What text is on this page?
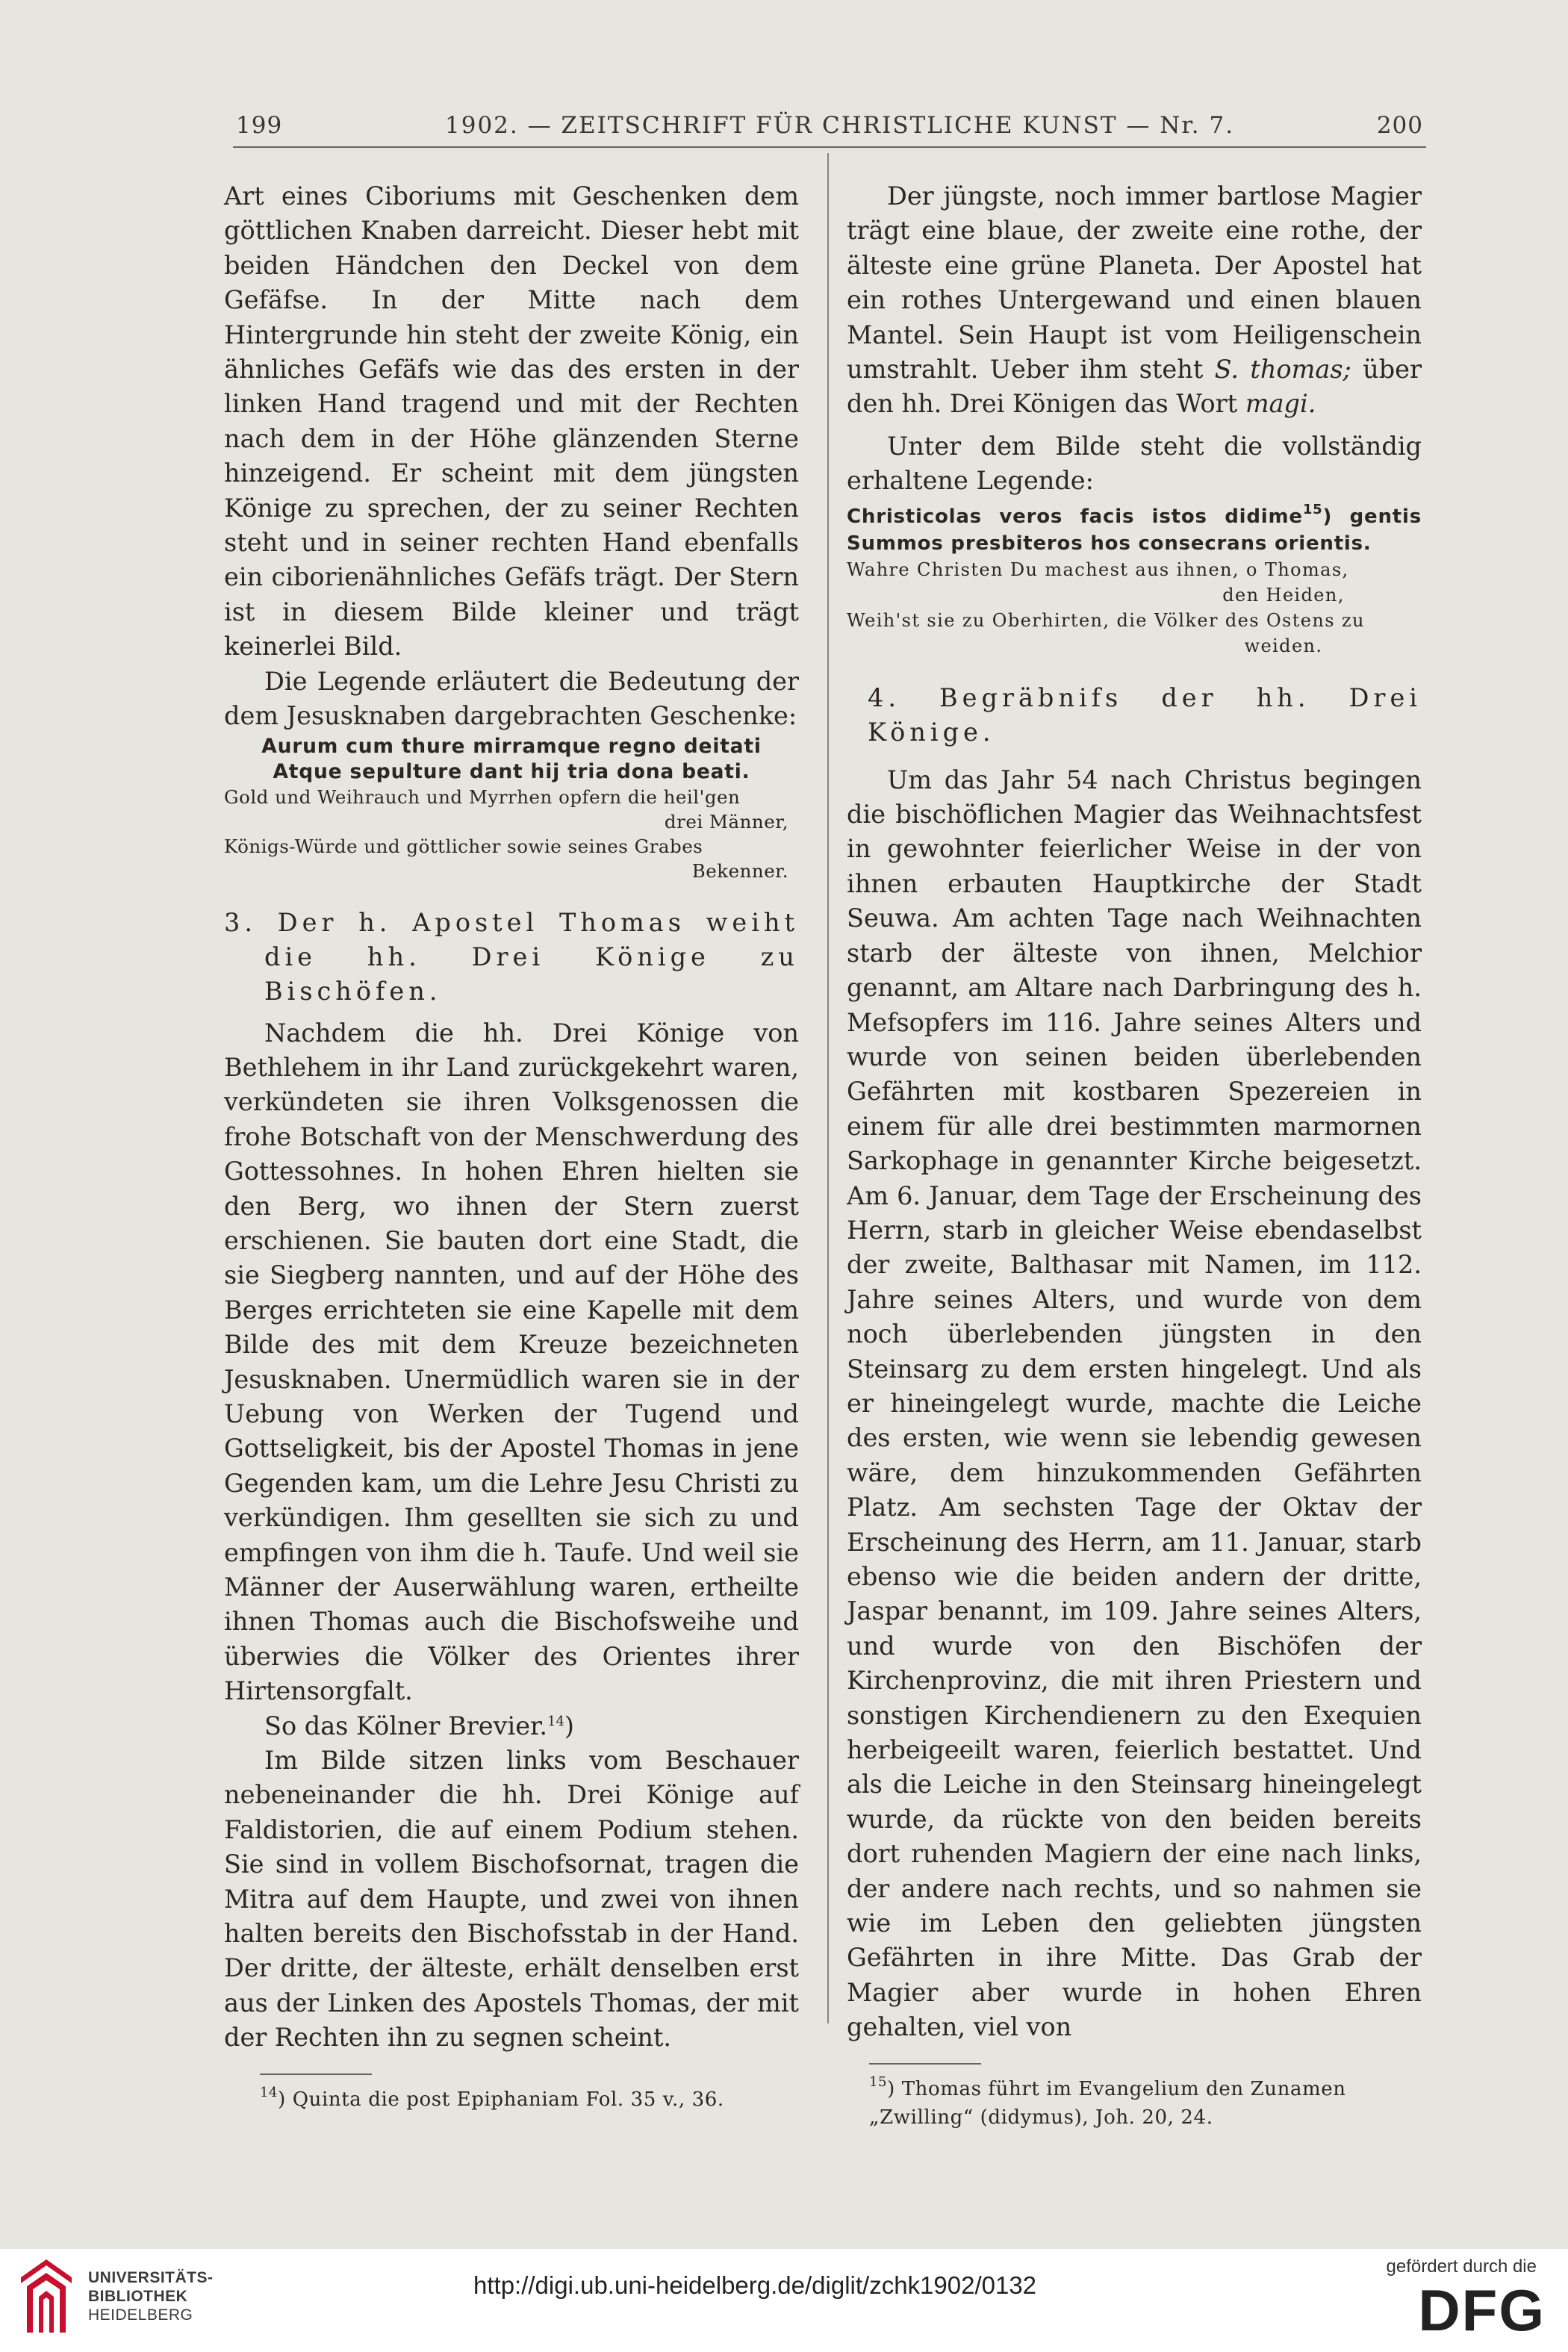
199	1902. — ZEITSCHRIFT FÜR CHRISTLICHE KUNST — Nr. 7.	200

Art eines Ciboriums mit Geschenken dem göttlichen Knaben darreicht. Dieser hebt mit beiden Händchen den Deckel von dem Gefäfse. In der Mitte nach dem Hintergrunde hin steht der zweite König, ein ähnliches Gefäfs wie das des ersten in der linken Hand tragend und mit der Rechten nach dem in der Höhe glänzenden Sterne hinzeigend. Er scheint mit dem jüngsten Könige zu sprechen, der zu seiner Rechten steht und in seiner rechten Hand ebenfalls ein ciborienähnliches Gefäfs trägt. Der Stern ist in diesem Bilde kleiner und trägt keinerlei Bild.

Die Legende erläutert die Bedeutung der dem Jesusknaben dargebrachten Geschenke:

Aurum cum thure mirramque regno deitati
Atque sepulture dant hij tria dona beati.
Gold und Weihrauch und Myrrhen opfern die heil'gen
drei Männer,
Königs-Würde und göttlicher sowie seines Grabes
Bekenner.

3. Der h. Apostel Thomas weiht die hh. Drei Könige zu Bischöfen.

Nachdem die hh. Drei Könige von Bethlehem in ihr Land zurückgekehrt waren, verkündeten sie ihren Volksgenossen die frohe Botschaft von der Menschwerdung des Gottessohnes. In hohen Ehren hielten sie den Berg, wo ihnen der Stern zuerst erschienen. Sie bauten dort eine Stadt, die sie Siegberg nannten, und auf der Höhe des Berges errichteten sie eine Kapelle mit dem Bilde des mit dem Kreuze bezeichneten Jesusknaben. Unermüdlich waren sie in der Uebung von Werken der Tugend und Gottseligkeit, bis der Apostel Thomas in jene Gegenden kam, um die Lehre Jesu Christi zu verkündigen. Ihm gesellten sie sich zu und empfingen von ihm die h. Taufe. Und weil sie Männer der Auserwählung waren, ertheilte ihnen Thomas auch die Bischofsweihe und überwies die Völker des Orientes ihrer Hirtensorgfalt.

So das Kölner Brevier.$^{14}$)

Im Bilde sitzen links vom Beschauer nebeneinander die hh. Drei Könige auf Faldistorien, die auf einem Podium stehen. Sie sind in vollem Bischofsornat, tragen die Mitra auf dem Haupte, und zwei von ihnen halten bereits den Bischofsstab in der Hand. Der dritte, der älteste, erhält denselben erst aus der Linken des Apostels Thomas, der mit der Rechten ihn zu segnen scheint.

$^{14}$) Quinta die post Epiphaniam Fol. 35 v., 36.

Der jüngste, noch immer bartlose Magier trägt eine blaue, der zweite eine rothe, der älteste eine grüne Planeta. Der Apostel hat ein rothes Untergewand und einen blauen Mantel. Sein Haupt ist vom Heiligenschein umstrahlt. Ueber ihm steht S. thomas; über den hh. Drei Königen das Wort magi.

Unter dem Bilde steht die vollständig erhaltene Legende:

Christicolas veros facis istos didime$^{15}$) gentis Summos presbiteros hos consecrans orientis.
Wahre Christen Du machest aus ihnen, o Thomas,
den Heiden,
Weih'st sie zu Oberhirten, die Völker des Ostens zu
weiden.

4. Begräbnifs der hh. Drei Könige.

Um das Jahr 54 nach Christus begingen die bischöflichen Magier das Weihnachtsfest in gewohnter feierlicher Weise in der von ihnen erbauten Hauptkirche der Stadt Seuwa. Am achten Tage nach Weihnachten starb der älteste von ihnen, Melchior genannt, am Altare nach Darbringung des h. Mefsopfers im 116. Jahre seines Alters und wurde von seinen beiden überlebenden Gefährten mit kostbaren Spezereien in einem für alle drei bestimmten marmornen Sarkophage in genannter Kirche beigesetzt. Am 6. Januar, dem Tage der Erscheinung des Herrn, starb in gleicher Weise ebendaselbst der zweite, Balthasar mit Namen, im 112. Jahre seines Alters, und wurde von dem noch überlebenden jüngsten in den Steinsarg zu dem ersten hingelegt. Und als er hineingelegt wurde, machte die Leiche des ersten, wie wenn sie lebendig gewesen wäre, dem hinzukommenden Gefährten Platz. Am sechsten Tage der Oktav der Erscheinung des Herrn, am 11. Januar, starb ebenso wie die beiden andern der dritte, Jaspar benannt, im 109. Jahre seines Alters, und wurde von den Bischöfen der Kirchenprovinz, die mit ihren Priestern und sonstigen Kirchendienern zu den Exequien herbeigeeilt waren, feierlich bestattet. Und als die Leiche in den Steinsarg hineingelegt wurde, da rückte von den beiden bereits dort ruhenden Magiern der eine nach links, der andere nach rechts, und so nahmen sie wie im Leben den geliebten jüngsten Gefährten in ihre Mitte. Das Grab der Magier aber wurde in hohen Ehren gehalten, viel von

$^{15}$) Thomas führt im Evangelium den Zunamen „Zwilling“ (didymus), Joh. 20, 24.

UNIVERSITÄTS-
BIBLIOTHEK
HEIDELBERG
http://digi.ub.uni-heidelberg.de/diglit/zchk1902/0132
gefördert durch die
DFG
